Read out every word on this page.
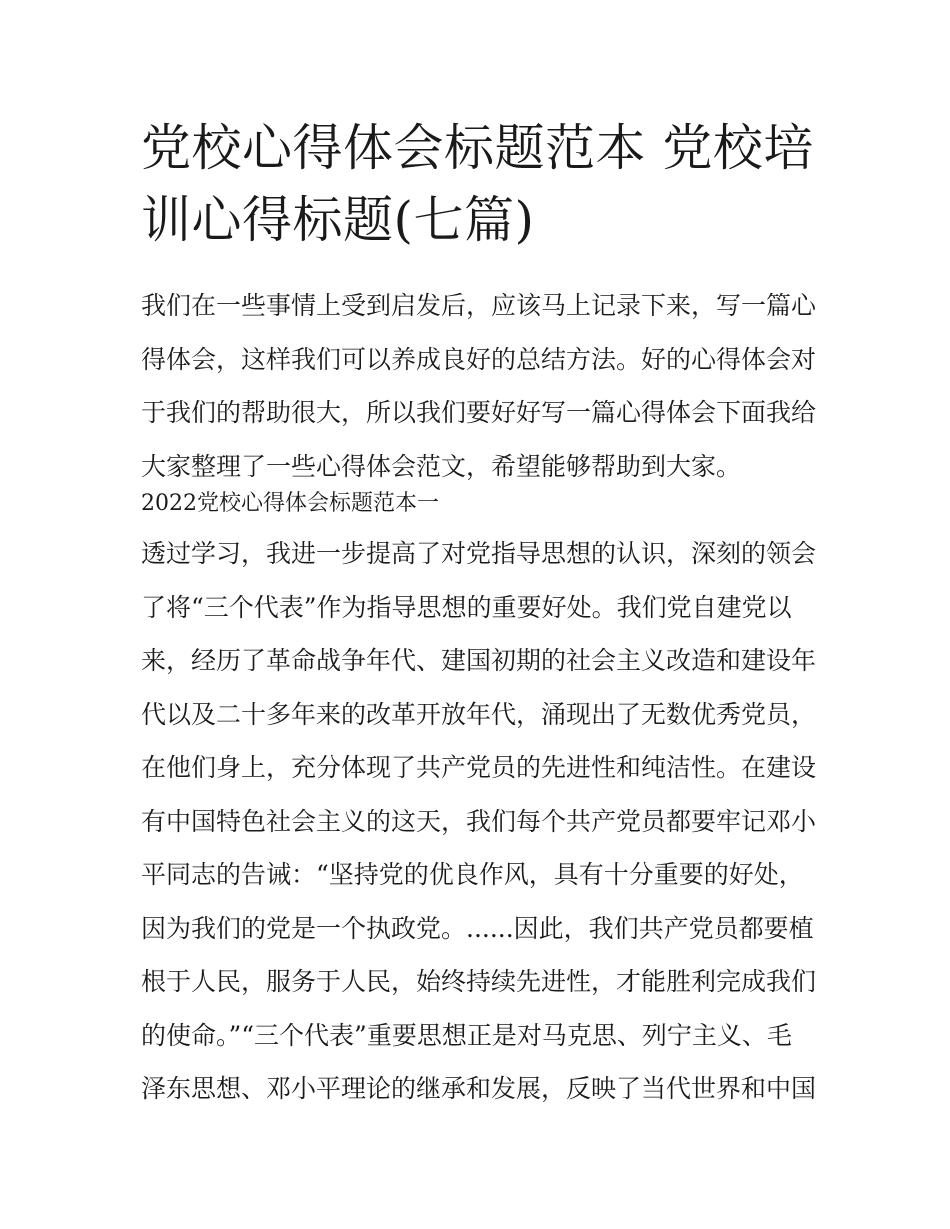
党校心得体会标题范本 党校培
训心得标题(七篇)

我们在一些事情上受到启发后，应该马上记录下来，写一篇心
得体会，这样我们可以养成良好的总结方法。好的心得体会对
于我们的帮助很大，所以我们要好好写一篇心得体会下面我给
大家整理了一些心得体会范文，希望能够帮助到大家。

2022党校心得体会标题范本一

透过学习，我进一步提高了对党指导思想的认识，深刻的领会
了将“三个代表”作为指导思想的重要好处。我们党自建党以
来，经历了革命战争年代、建国初期的社会主义改造和建设年
代以及二十多年来的改革开放年代，涌现出了无数优秀党员，
在他们身上，充分体现了共产党员的先进性和纯洁性。在建设
有中国特色社会主义的这天，我们每个共产党员都要牢记邓小
平同志的告诫：“坚持党的优良作风，具有十分重要的好处，
因为我们的党是一个执政党。......因此，我们共产党员都要植
根于人民，服务于人民，始终持续先进性，才能胜利完成我们
的使命。”“三个代表”重要思想正是对马克思、列宁主义、毛
泽东思想、邓小平理论的继承和发展，反映了当代世界和中国
